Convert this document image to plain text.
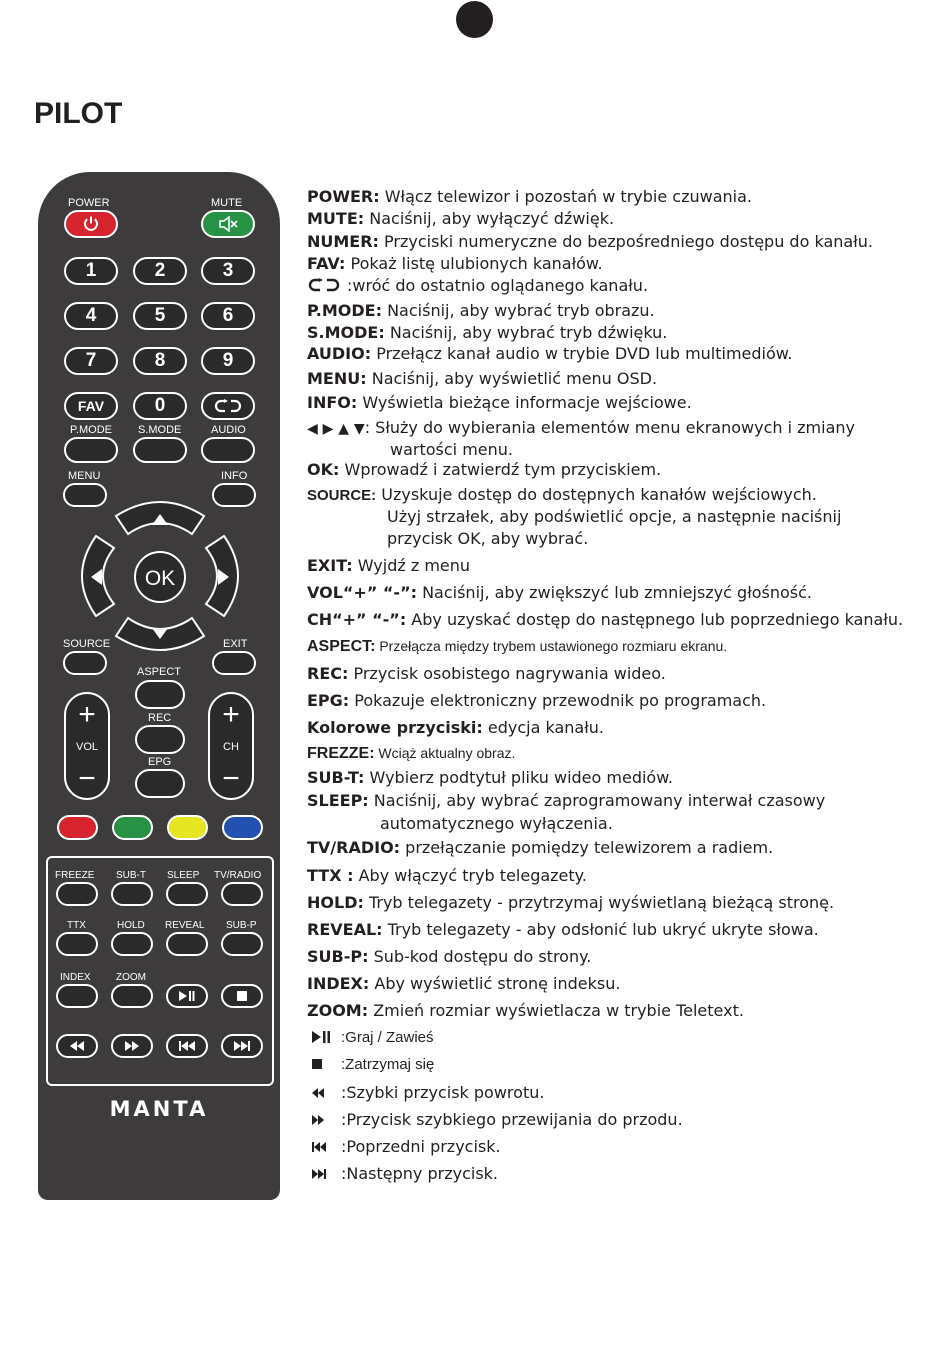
PILOT
POWER	MUTE
1	2	3
4	5	6
7	8	9
FAV	0
P.MODE S.MODE	AUDIO
MENU	INFO
OK
SOURCE	EXIT
ASPECT
REC
EPG
+
VOL
−
+
CH
−
FREEZE SUB-T SLEEP TV/RADIO
TTX	HOLD REVEAL SUB-P
INDEX	ZOOM
MANTA
POWER: Włącz telewizor i pozostań w trybie czuwania.
MUTE: Naciśnij, aby wyłączyć dźwięk.
NUMER: Przyciski numeryczne do bezpośredniego dostępu do kanału.
FAV: Pokaż listę ulubionych kanałów.
:wróć do ostatnio oglądanego kanału.
P.MODE: Naciśnij, aby wybrać tryb obrazu.
S.MODE: Naciśnij, aby wybrać tryb dźwięku.
AUDIO: Przełącz kanał audio w trybie DVD lub multimediów.
MENU: Naciśnij, aby wyświetlić menu OSD.
INFO: Wyświetla bieżące informacje wejściowe.
◀ ▶ ▲ ▼: Służy do wybierania elementów menu ekranowych i zmiany
wartości menu.
OK: Wprowadź i zatwierdź tym przyciskiem.
SOURCE: Uzyskuje dostęp do dostępnych kanałów wejściowych.
Użyj strzałek, aby podświetlić opcje, a następnie naciśnij
przycisk OK, aby wybrać.
EXIT: Wyjdź z menu
VOL“+” “-”: Naciśnij, aby zwiększyć lub zmniejszyć głośność.
CH“+” “-”: Aby uzyskać dostęp do następnego lub poprzedniego kanału.
ASPECT: Przełącza między trybem ustawionego rozmiaru ekranu.
REC: Przycisk osobistego nagrywania wideo.
EPG: Pokazuje elektroniczny przewodnik po programach.
Kolorowe przyciski: edycja kanału.
FREZZE: Wciąż aktualny obraz.
SUB-T: Wybierz podtytuł pliku wideo mediów.
SLEEP: Naciśnij, aby wybrać zaprogramowany interwał czasowy
automatycznego wyłączenia.
TV/RADIO: przełączanie pomiędzy telewizorem a radiem.
TTX : Aby włączyć tryb telegazety.
HOLD: Tryb telegazety - przytrzymaj wyświetlaną bieżącą stronę.
REVEAL: Tryb telegazety - aby odsłonić lub ukryć ukryte słowa.
SUB-P: Sub-kod dostępu do strony.
INDEX: Aby wyświetlić stronę indeksu.
ZOOM: Zmień rozmiar wyświetlacza w trybie Teletext.
:Graj / Zawieś
:Zatrzymaj się
:Szybki przycisk powrotu.
:Przycisk szybkiego przewijania do przodu.
:Poprzedni przycisk.
:Następny przycisk.
